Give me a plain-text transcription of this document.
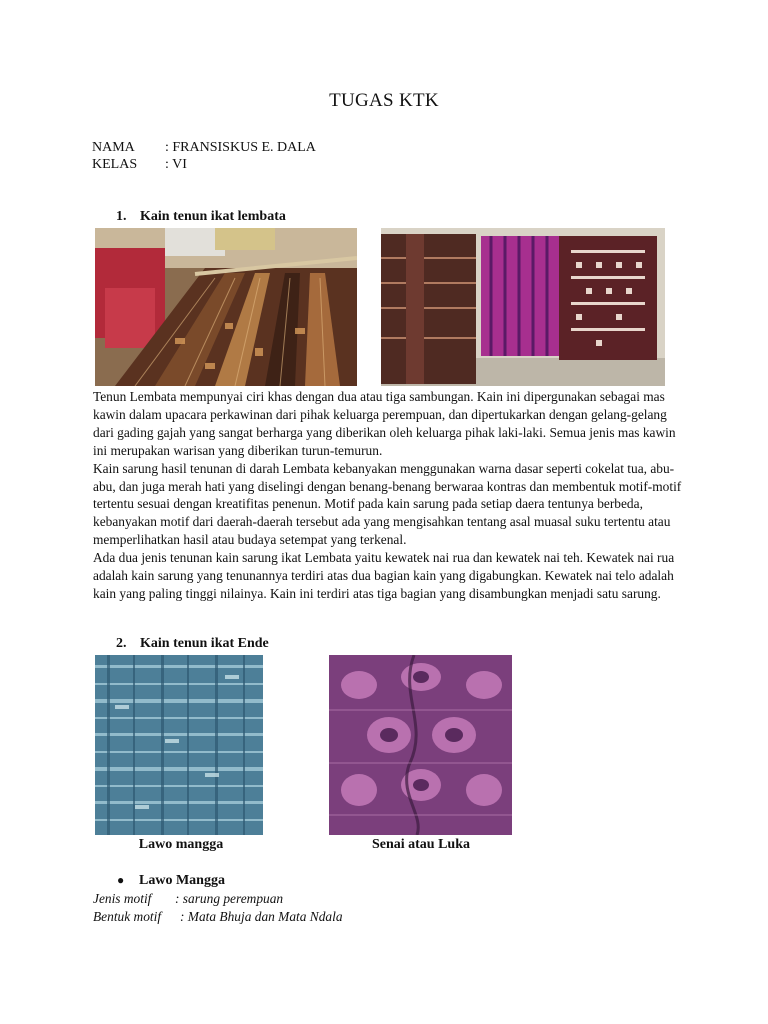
TUGAS KTK
NAMA : FRANSISKUS E. DALA
KELAS : VI
1. Kain tenun ikat lembata

Tenun Lembata mempunyai ciri khas dengan dua atau tiga sambungan. Kain ini dipergunakan sebagai mas kawin dalam upacara perkawinan dari pihak keluarga perempuan, dan dipertukarkan dengan gelang-gelang dari gading gajah yang sangat berharga yang diberikan oleh keluarga pihak laki-laki. Semua jenis mas kawin ini merupakan warisan yang diberikan turun-temurun.

Kain sarung hasil tenunan di darah Lembata kebanyakan menggunakan warna dasar seperti cokelat tua, abu-abu, dan juga merah hati yang diselingi dengan benang-benang berwaraa kontras dan membentuk motif-motif tertentu sesuai dengan kreatifitas penenun. Motif pada kain sarung pada setiap daera tentunya berbeda, kebanyakan motif dari daerah-daerah tersebut ada yang mengisahkan tentang asal muasal suku tertentu atau memperlihatkan hasil atau budaya setempat yang terkenal.

Ada dua jenis tenunan kain sarung ikat Lembata yaitu kewatek nai rua dan kewatek nai teh. Kewatek nai rua adalah kain sarung yang tenunannya terdiri atas dua bagian kain yang digabungkan. Kewatek nai telo adalah kain yang paling tinggi nilainya. Kain ini terdiri atas tiga bagian yang disambungkan menjadi satu sarung.

2. Kain tenun ikat Ende
Lawo mangga	Senai atau Luka
● Lawo Mangga
Jenis motif : sarung perempuan
Bentuk motif : Mata Bhuja dan Mata Ndala
